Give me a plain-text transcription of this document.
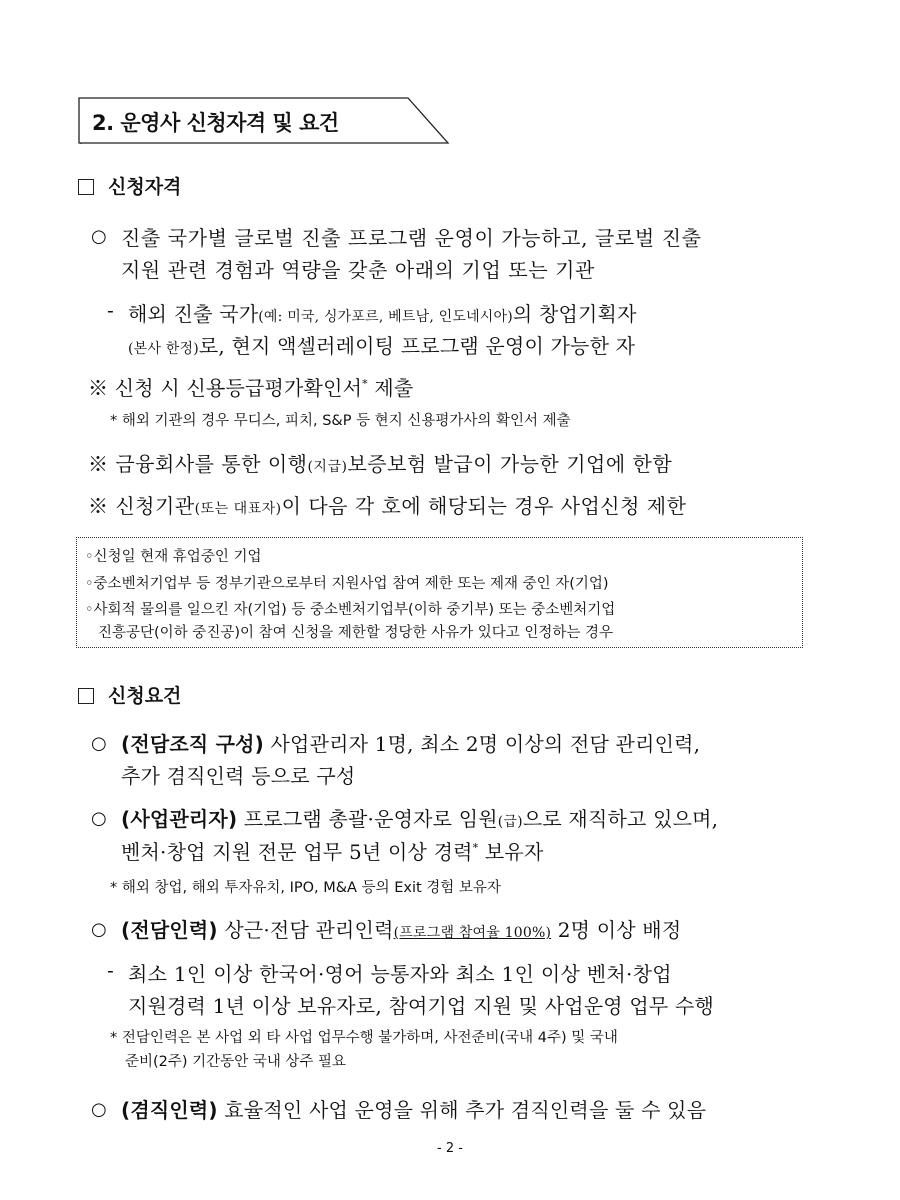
2. 운영사 신청자격 및 요건
신청자격
○ 진출 국가별 글로벌 진출 프로그램 운영이 가능하고, 글로벌 진출
지원 관련 경험과 역량을 갖춘 아래의 기업 또는 기관
- 해외 진출 국가(예: 미국, 싱가포르, 베트남, 인도네시아)의 창업기획자
(본사 한정)로, 현지 액셀러레이팅 프로그램 운영이 가능한 자
※ 신청 시 신용등급평가확인서* 제출
* 해외 기관의 경우 무디스, 피치, S&P 등 현지 신용평가사의 확인서 제출
※ 금융회사를 통한 이행(지급)보증보험 발급이 가능한 기업에 한함
※ 신청기관(또는 대표자)이 다음 각 호에 해당되는 경우 사업신청 제한
◦신청일 현재 휴업중인 기업
◦중소벤처기업부 등 정부기관으로부터 지원사업 참여 제한 또는 제재 중인 자(기업)
◦사회적 물의를 일으킨 자(기업) 등 중소벤처기업부(이하 중기부) 또는 중소벤처기업
진흥공단(이하 중진공)이 참여 신청을 제한할 정당한 사유가 있다고 인정하는 경우
신청요건
○ (전담조직 구성) 사업관리자 1명, 최소 2명 이상의 전담 관리인력,
추가 겸직인력 등으로 구성
○ (사업관리자) 프로그램 총괄·운영자로 임원(급)으로 재직하고 있으며,
벤처·창업 지원 전문 업무 5년 이상 경력* 보유자
* 해외 창업, 해외 투자유치, IPO, M&A 등의 Exit 경험 보유자
○ (전담인력) 상근·전담 관리인력(프로그램 참여율 100%) 2명 이상 배정
- 최소 1인 이상 한국어·영어 능통자와 최소 1인 이상 벤처·창업
지원경력 1년 이상 보유자로, 참여기업 지원 및 사업운영 업무 수행
* 전담인력은 본 사업 외 타 사업 업무수행 불가하며, 사전준비(국내 4주) 및 국내
준비(2주) 기간동안 국내 상주 필요
○ (겸직인력) 효율적인 사업 운영을 위해 추가 겸직인력을 둘 수 있음
- 2 -
